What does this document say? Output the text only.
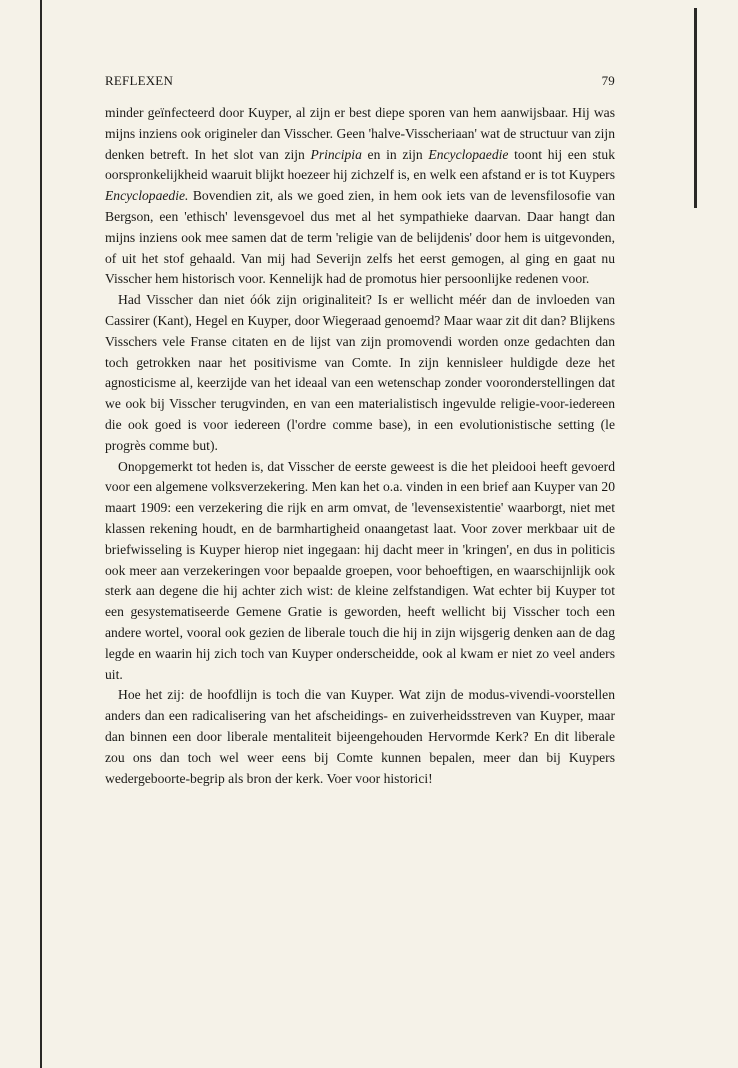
REFLEXEN	79

minder geïnfecteerd door Kuyper, al zijn er best diepe sporen van hem aanwijsbaar. Hij was mijns inziens ook origineler dan Visscher. Geen 'halve-Visscheriaan' wat de structuur van zijn denken betreft. In het slot van zijn Principia en in zijn Encyclopaedie toont hij een stuk oorspronkelijkheid waaruit blijkt hoezeer hij zichzelf is, en welk een afstand er is tot Kuypers Encyclopaedie. Bovendien zit, als we goed zien, in hem ook iets van de levensfilosofie van Bergson, een 'ethisch' levensgevoel dus met al het sympathieke daarvan. Daar hangt dan mijns inziens ook mee samen dat de term 'religie van de belijdenis' door hem is uitgevonden, of uit het stof gehaald. Van mij had Severijn zelfs het eerst gemogen, al ging en gaat nu Visscher hem historisch voor. Kennelijk had de promotus hier persoonlijke redenen voor.

Had Visscher dan niet óók zijn originaliteit? Is er wellicht méér dan de invloeden van Cassirer (Kant), Hegel en Kuyper, door Wiegeraad genoemd? Maar waar zit dit dan? Blijkens Visschers vele Franse citaten en de lijst van zijn promovendi worden onze gedachten dan toch getrokken naar het positivisme van Comte. In zijn kennisleer huldigde deze het agnosticisme al, keerzijde van het ideaal van een wetenschap zonder vooronderstellingen dat we ook bij Visscher terugvinden, en van een materialistisch ingevulde religie-voor-iedereen die ook goed is voor iedereen (l'ordre comme base), in een evolutionistische setting (le progrès comme but).

Onopgemerkt tot heden is, dat Visscher de eerste geweest is die het pleidooi heeft gevoerd voor een algemene volksverzekering. Men kan het o.a. vinden in een brief aan Kuyper van 20 maart 1909: een verzekering die rijk en arm omvat, de 'levensexistentie' waarborgt, niet met klassen rekening houdt, en de barmhartigheid onaangetast laat. Voor zover merkbaar uit de briefwisseling is Kuyper hierop niet ingegaan: hij dacht meer in 'kringen', en dus in politicis ook meer aan verzekeringen voor bepaalde groepen, voor behoeftigen, en waarschijnlijk ook sterk aan degene die hij achter zich wist: de kleine zelfstandigen. Wat echter bij Kuyper tot een gesystematiseerde Gemene Gratie is geworden, heeft wellicht bij Visscher toch een andere wortel, vooral ook gezien de liberale touch die hij in zijn wijsgerig denken aan de dag legde en waarin hij zich toch van Kuyper onderscheidde, ook al kwam er niet zo veel anders uit.

Hoe het zij: de hoofdlijn is toch die van Kuyper. Wat zijn de modus-vivendi-voorstellen anders dan een radicalisering van het afscheidings- en zuiverheidsstreven van Kuyper, maar dan binnen een door liberale mentaliteit bijeengehouden Hervormde Kerk? En dit liberale zou ons dan toch wel weer eens bij Comte kunnen bepalen, meer dan bij Kuypers wedergeboorte-begrip als bron der kerk. Voer voor historici!
